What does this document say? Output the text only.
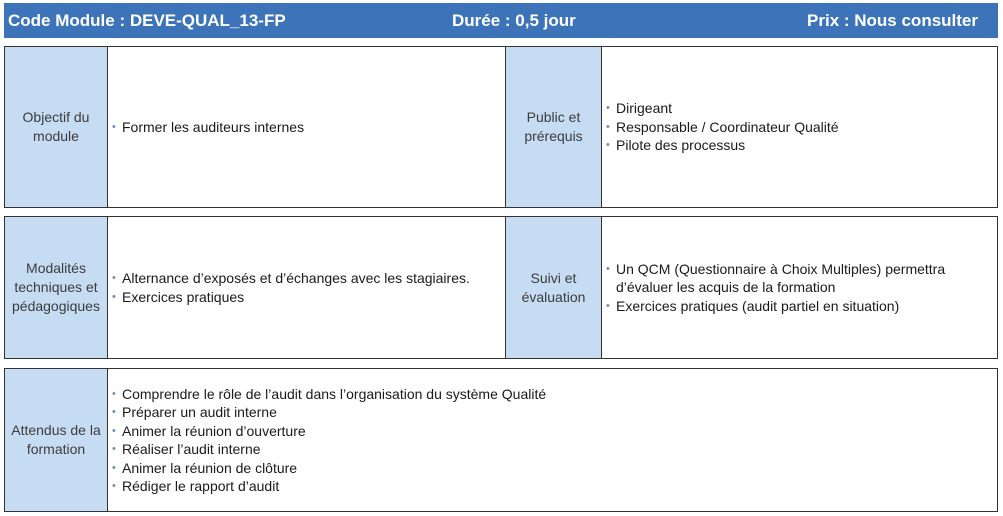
Code Module : DEVE-QUAL_13-FP	Durée : 0,5 jour	Prix : Nous consulter
Objectif du module
• Former les auditeurs internes
Public et prérequis
• Dirigeant
• Responsable / Coordinateur Qualité
• Pilote des processus
Modalités techniques et pédagogiques
• Alternance d’exposés et d’échanges avec les stagiaires.
• Exercices pratiques
Suivi et évaluation
• Un QCM (Questionnaire à Choix Multiples) permettra d’évaluer les acquis de la formation
• Exercices pratiques (audit partiel en situation)
Attendus de la formation
• Comprendre le rôle de l’audit dans l’organisation du système Qualité
• Préparer un audit interne
• Animer la réunion d’ouverture
• Réaliser l’audit interne
• Animer la réunion de clôture
• Rédiger le rapport d’audit
